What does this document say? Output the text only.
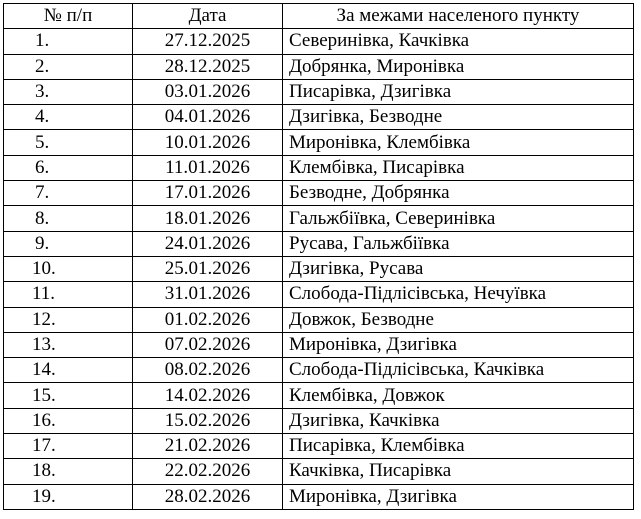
№ п/п	Дата	За межами населеного пункту
1.	27.12.2025	Северинівка, Качківка
2.	28.12.2025	Добрянка, Миронівка
3.	03.01.2026	Писарівка, Дзигівка
4.	04.01.2026	Дзигівка, Безводне
5.	10.01.2026	Миронівка, Клембівка
6.	11.01.2026	Клембівка, Писарівка
7.	17.01.2026	Безводне, Добрянка
8.	18.01.2026	Гальжбіївка, Северинівка
9.	24.01.2026	Русава, Гальжбіївка
10.	25.01.2026	Дзигівка, Русава
11.	31.01.2026	Слобода-Підлісівська, Нечуївка
12.	01.02.2026	Довжок, Безводне
13.	07.02.2026	Миронівка, Дзигівка
14.	08.02.2026	Слобода-Підлісівська, Качківка
15.	14.02.2026	Клембівка, Довжок
16.	15.02.2026	Дзигівка, Качківка
17.	21.02.2026	Писарівка, Клембівка
18.	22.02.2026	Качківка, Писарівка
19.	28.02.2026	Миронівка, Дзигівка
